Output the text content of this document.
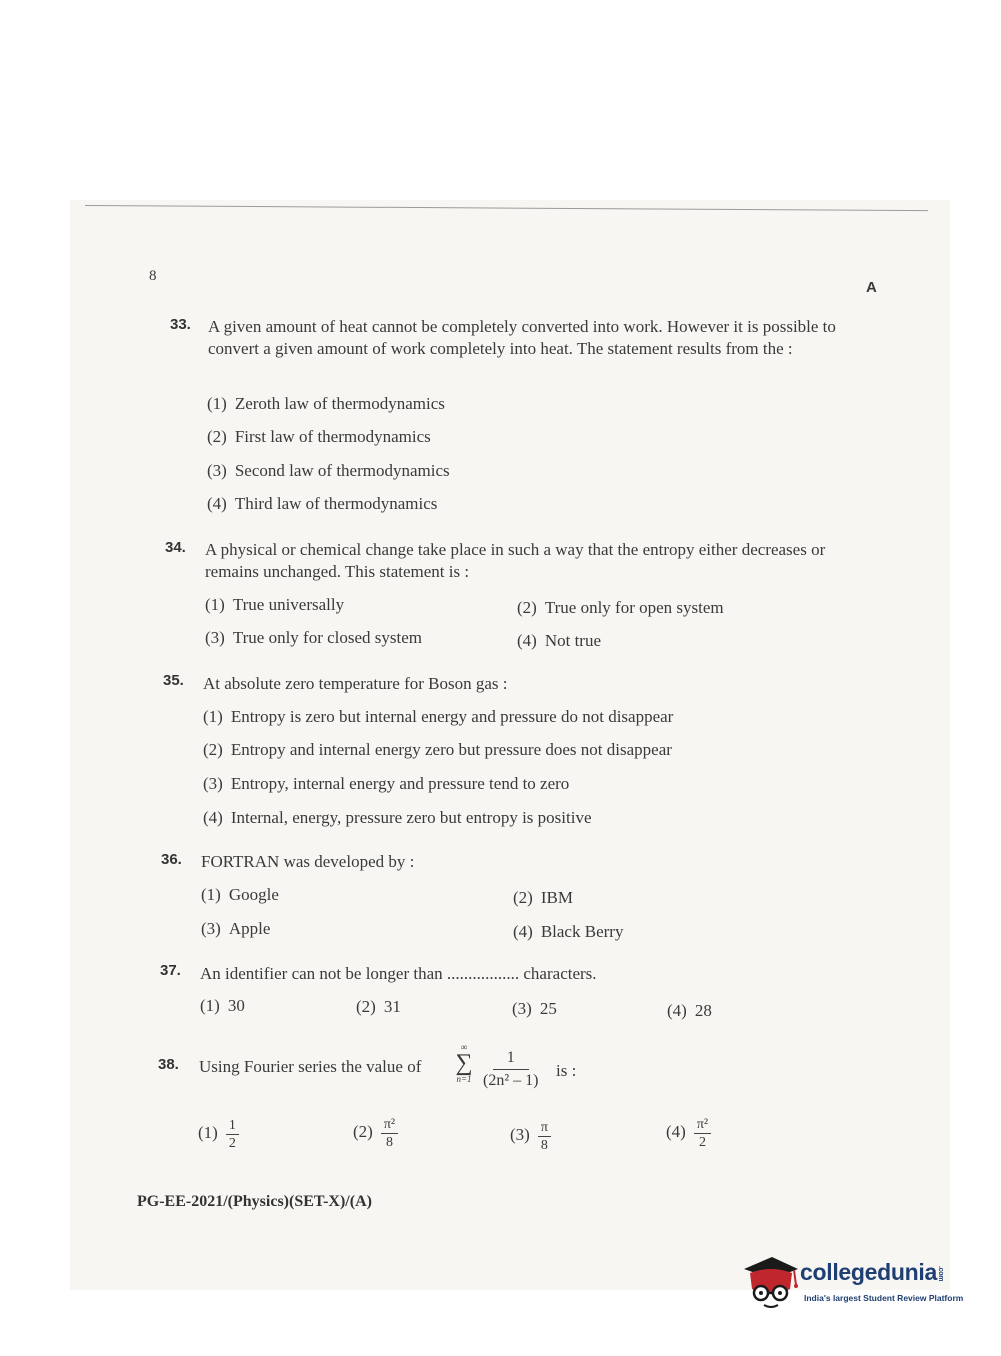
8
A
33. A given amount of heat cannot be completely converted into work. However it is possible to convert a given amount of work completely into heat. The statement results from the :
(1) Zeroth law of thermodynamics
(2) First law of thermodynamics
(3) Second law of thermodynamics
(4) Third law of thermodynamics
34. A physical or chemical change take place in such a way that the entropy either decreases or remains unchanged. This statement is :
(1) True universally	(2) True only for open system
(3) True only for closed system	(4) Not true
35. At absolute zero temperature for Boson gas :
(1) Entropy is zero but internal energy and pressure do not disappear
(2) Entropy and internal energy zero but pressure does not disappear
(3) Entropy, internal energy and pressure tend to zero
(4) Internal, energy, pressure zero but entropy is positive
36. FORTRAN was developed by :
(1) Google	(2) IBM
(3) Apple	(4) Black Berry
37. An identifier can not be longer than ................. characters.
(1) 30	(2) 31	(3) 25	(4) 28
38. Using Fourier series the value of
∞
∑
$n=1 \frac{1}{\text{(2n² – 1)}}$ is :
$(1) \frac{1}{2}$	$(2) \frac{\text{π²}}{8}$	$(3) \frac{\pi}{8}$	$(4) \frac{\text{π²}}{2}$
PG-EE-2021/(Physics)(SET-X)/(A)
collegedunia.com
India's largest Student Review Platform
